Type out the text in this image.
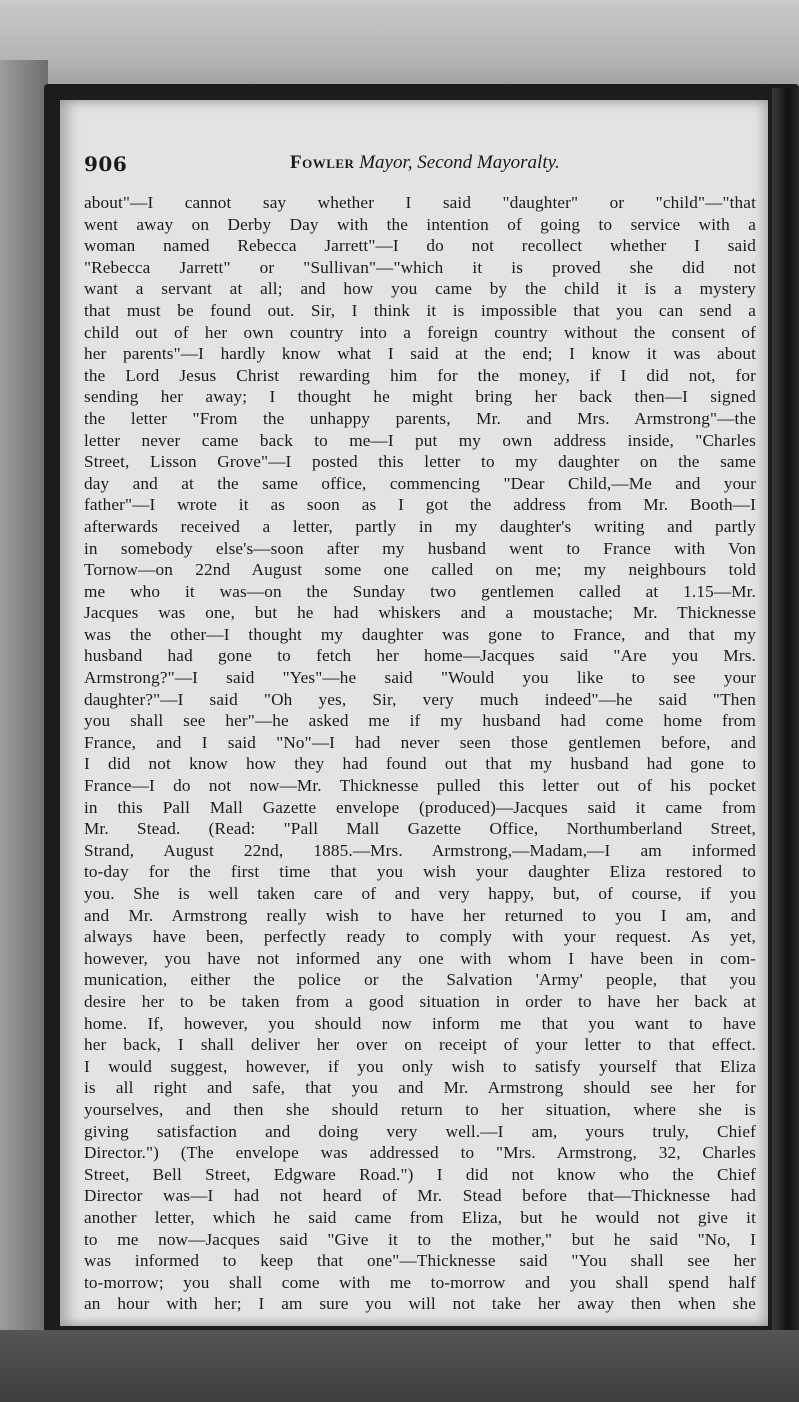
906	Fowler Mayor, Second Mayoralty.
about"—I cannot say whether I said "daughter" or "child"—"that
went away on Derby Day with the intention of going to service with a
woman named Rebecca Jarrett"—I do not recollect whether I said
"Rebecca Jarrett" or "Sullivan"—"which it is proved she did not
want a servant at all; and how you came by the child it is a mystery
that must be found out. Sir, I think it is impossible that you can send a
child out of her own country into a foreign country without the consent of
her parents"—I hardly know what I said at the end; I know it was about
the Lord Jesus Christ rewarding him for the money, if I did not, for
sending her away; I thought he might bring her back then—I signed
the letter "From the unhappy parents, Mr. and Mrs. Armstrong"—the
letter never came back to me—I put my own address inside, "Charles
Street, Lisson Grove"—I posted this letter to my daughter on the same
day and at the same office, commencing "Dear Child,—Me and your
father"—I wrote it as soon as I got the address from Mr. Booth—I
afterwards received a letter, partly in my daughter's writing and partly
in somebody else's—soon after my husband went to France with Von
Tornow—on 22nd August some one called on me; my neighbours told
me who it was—on the Sunday two gentlemen called at 1.15—Mr.
Jacques was one, but he had whiskers and a moustache; Mr. Thicknesse
was the other—I thought my daughter was gone to France, and that my
husband had gone to fetch her home—Jacques said "Are you Mrs.
Armstrong?"—I said "Yes"—he said "Would you like to see your
daughter?"—I said "Oh yes, Sir, very much indeed"—he said "Then
you shall see her"—he asked me if my husband had come home from
France, and I said "No"—I had never seen those gentlemen before, and
I did not know how they had found out that my husband had gone to
France—I do not now—Mr. Thicknesse pulled this letter out of his pocket
in this Pall Mall Gazette envelope (produced)—Jacques said it came from
Mr. Stead. (Read: "Pall Mall Gazette Office, Northumberland Street,
Strand, August 22nd, 1885.—Mrs. Armstrong,—Madam,—I am informed
to-day for the first time that you wish your daughter Eliza restored to
you. She is well taken care of and very happy, but, of course, if you
and Mr. Armstrong really wish to have her returned to you I am, and
always have been, perfectly ready to comply with your request. As yet,
however, you have not informed any one with whom I have been in com-
munication, either the police or the Salvation 'Army' people, that you
desire her to be taken from a good situation in order to have her back at
home. If, however, you should now inform me that you want to have
her back, I shall deliver her over on receipt of your letter to that effect.
I would suggest, however, if you only wish to satisfy yourself that Eliza
is all right and safe, that you and Mr. Armstrong should see her for
yourselves, and then she should return to her situation, where she is
giving satisfaction and doing very well.—I am, yours truly, Chief
Director.") (The envelope was addressed to "Mrs. Armstrong, 32, Charles
Street, Bell Street, Edgware Road.") I did not know who the Chief
Director was—I had not heard of Mr. Stead before that—Thicknesse had
another letter, which he said came from Eliza, but he would not give it
to me now—Jacques said "Give it to the mother," but he said "No, I
was informed to keep that one"—Thicknesse said "You shall see her
to-morrow; you shall come with me to-morrow and you shall spend half
an hour with her; I am sure you will not take her away then when she
